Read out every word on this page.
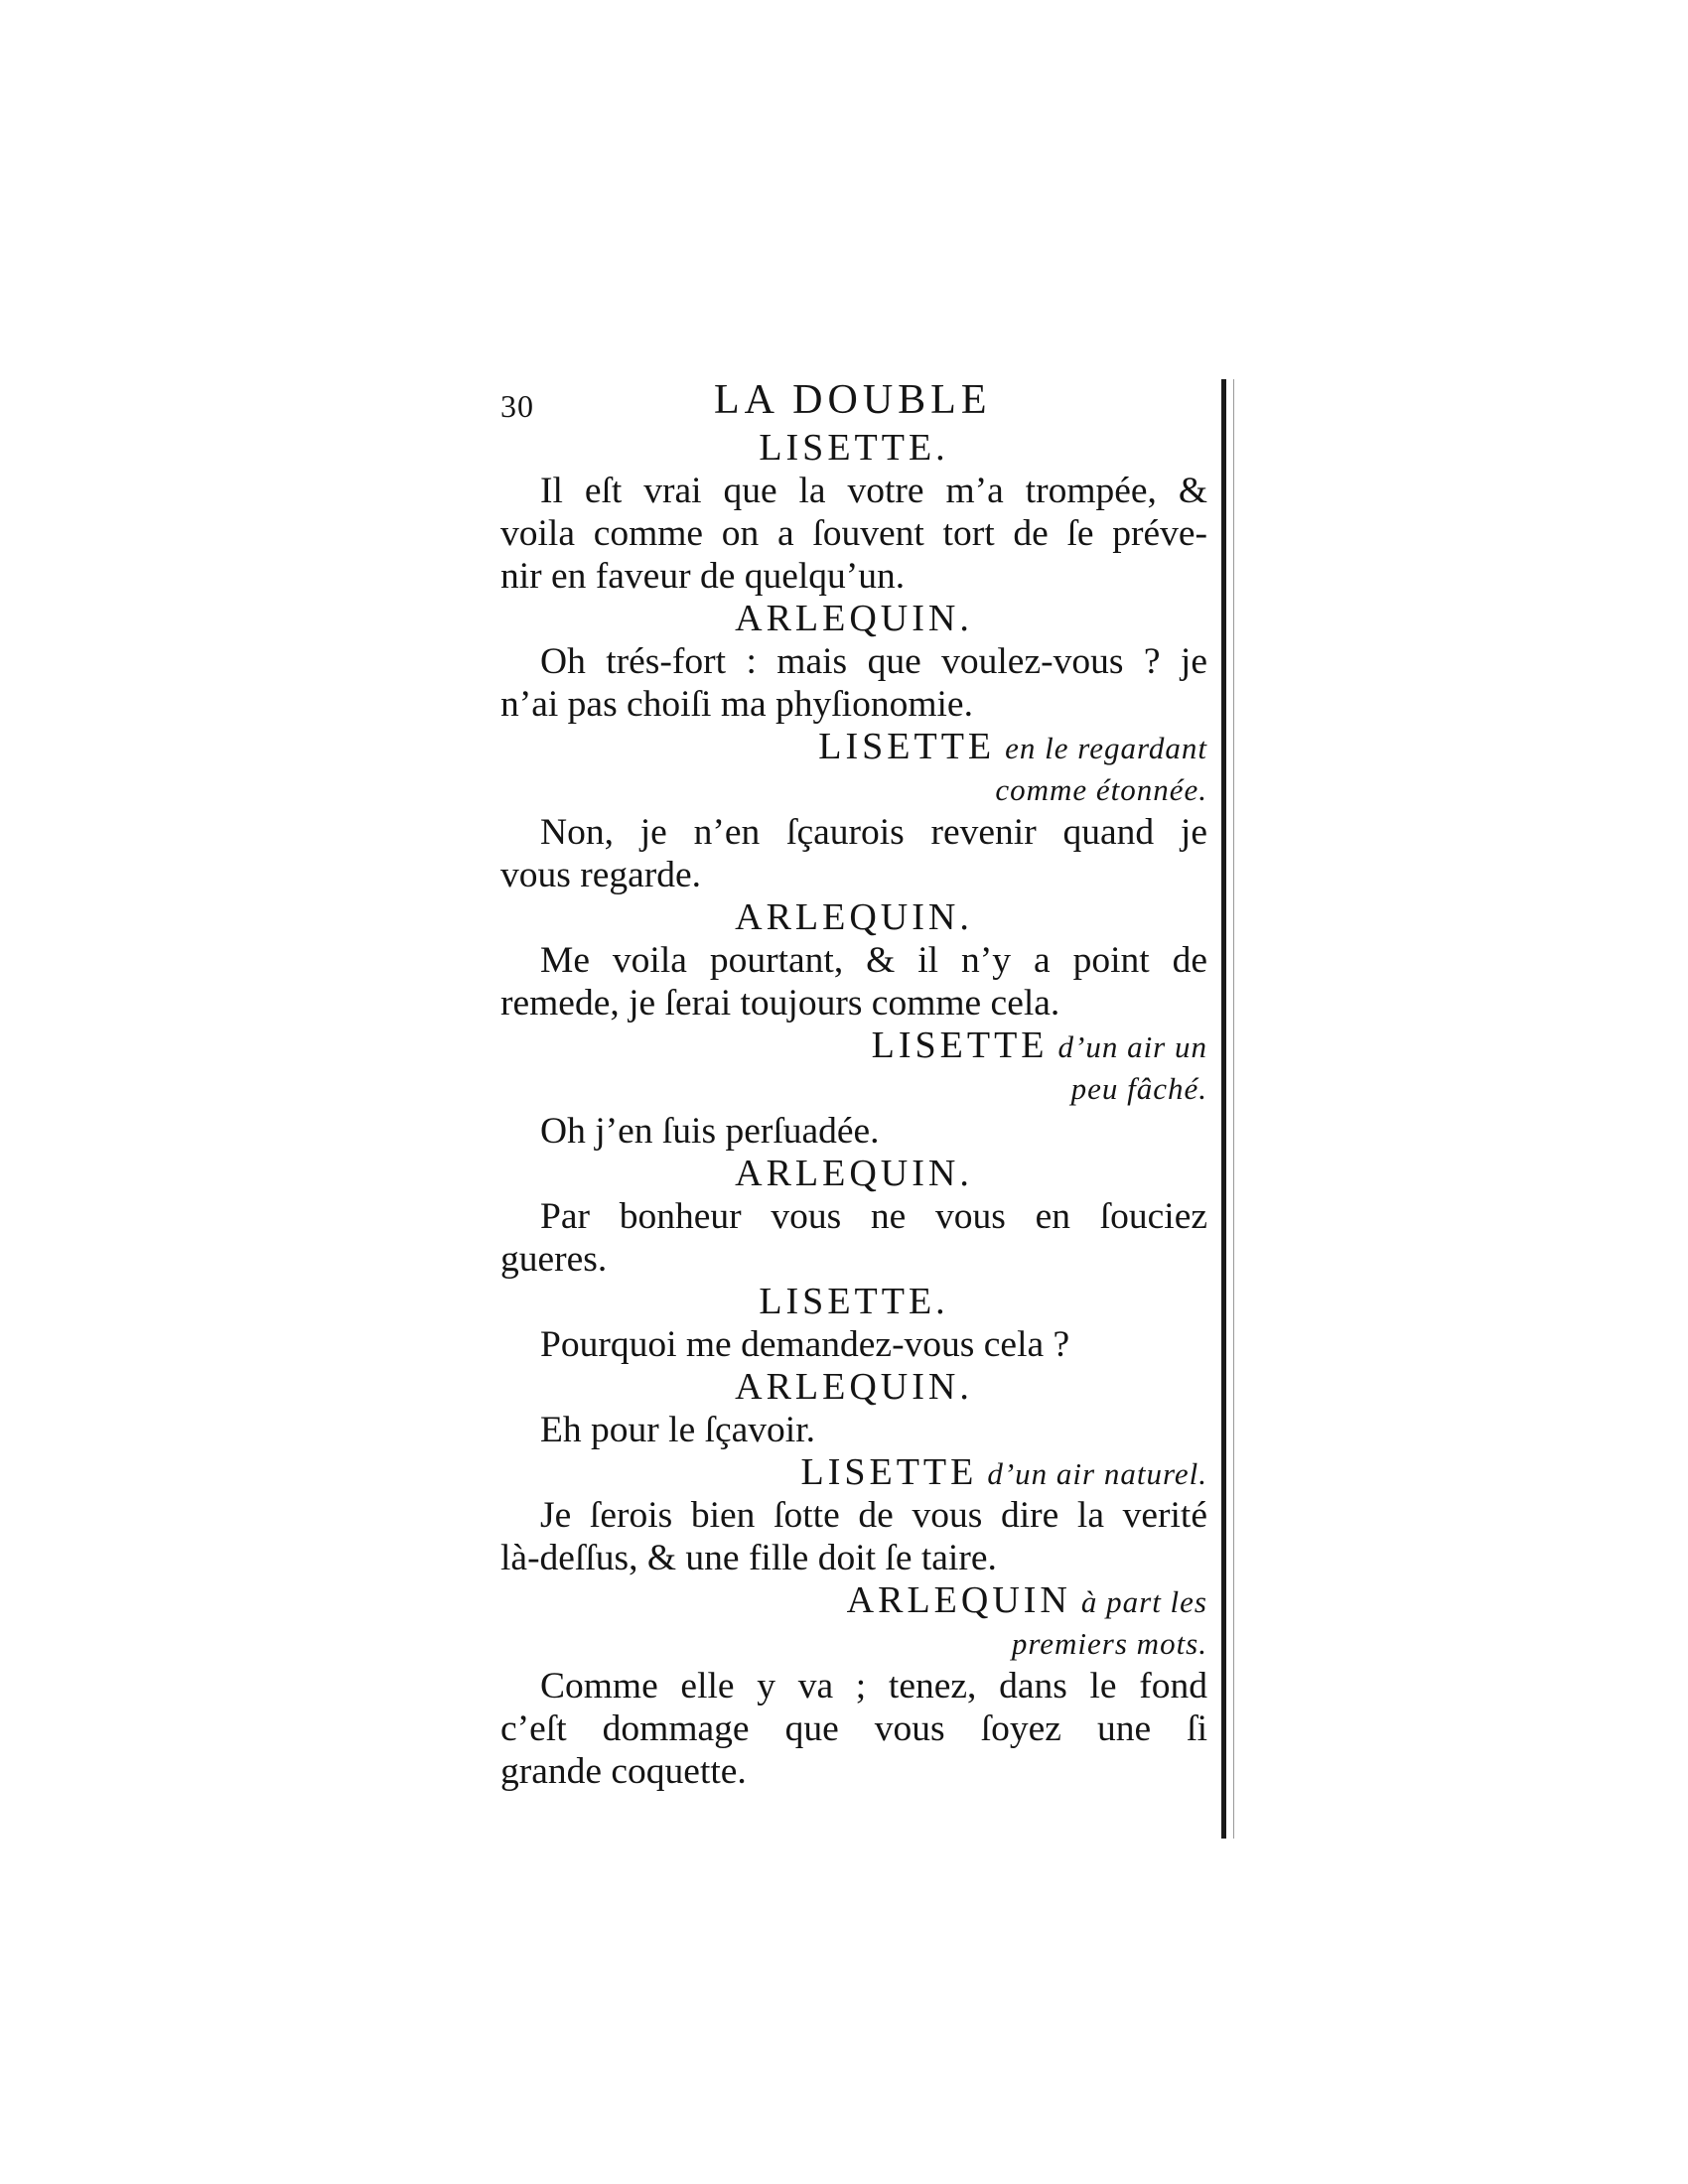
30	LA DOUBLE
LISETTE.
Il eſt vrai que la votre m’a trompée, &
voila comme on a ſouvent tort de ſe préve-
nir en faveur de quelqu’un.
ARLEQUIN.
Oh trés-fort : mais que voulez-vous ? je
n’ai pas choiſi ma phyſionomie.
LISETTE en le regardant
comme étonnée.
Non, je n’en ſçaurois revenir quand je
vous regarde.
ARLEQUIN.
Me voila pourtant, & il n’y a point de
remede, je ſerai toujours comme cela.
LISETTE d’un air un
peu fâché.
Oh j’en ſuis perſuadée.
ARLEQUIN.
Par bonheur vous ne vous en ſouciez
gueres.
LISETTE.
Pourquoi me demandez-vous cela ?
ARLEQUIN.
Eh pour le ſçavoir.
LISETTE d’un air naturel.
Je ſerois bien ſotte de vous dire la verité
là-deſſus, & une fille doit ſe taire.
ARLEQUIN à part les
premiers mots.
Comme elle y va ; tenez, dans le fond
c’eſt dommage que vous ſoyez une ſi
grande coquette.
